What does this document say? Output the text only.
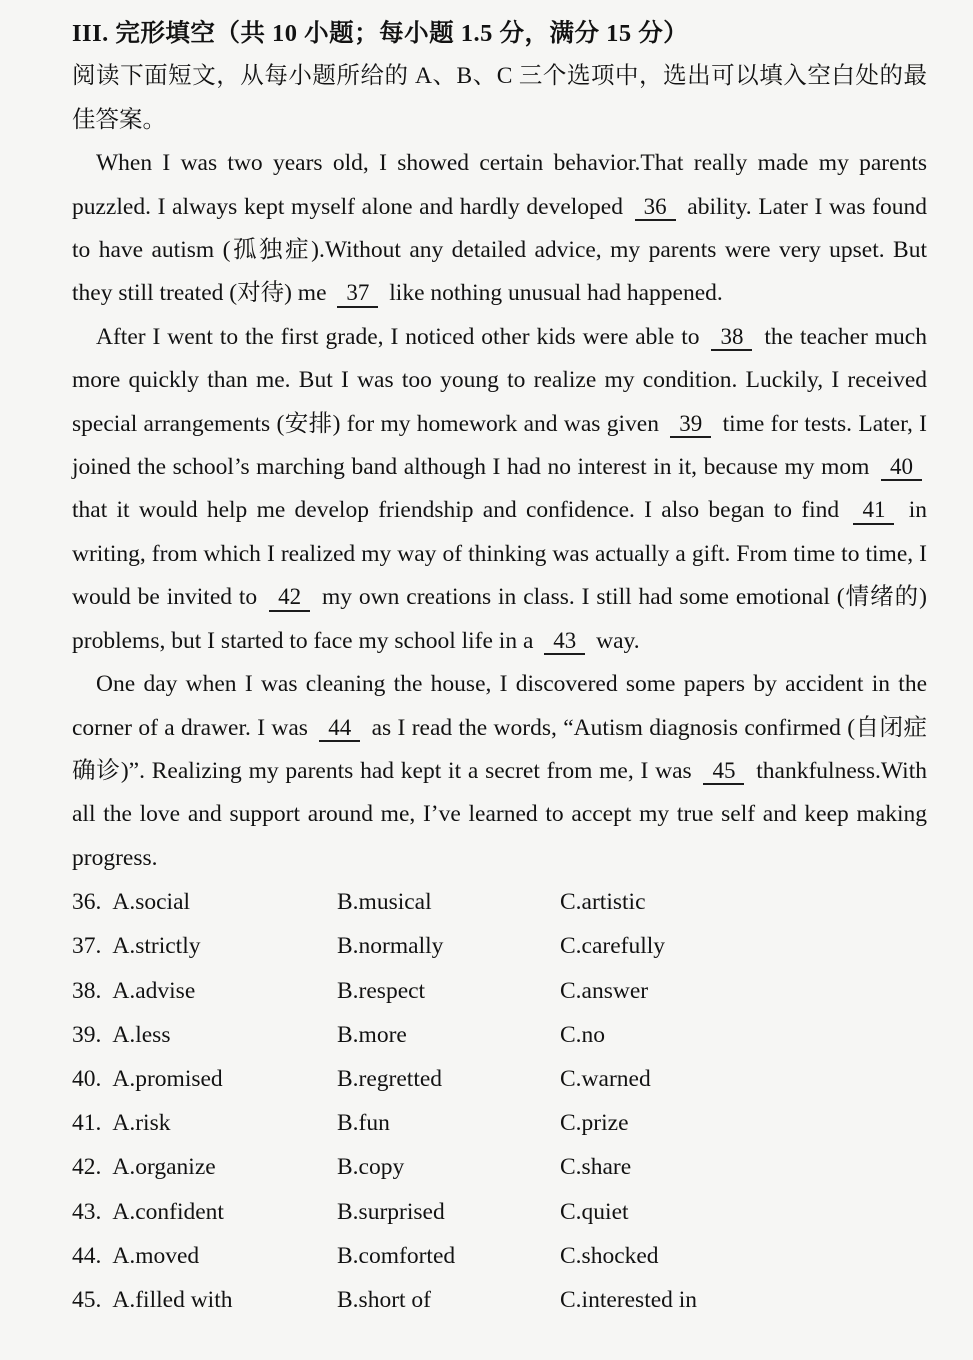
III. 完形填空（共 10 小题；每小题 1.5 分，满分 15 分）

阅读下面短文，从每小题所给的 A、B、C 三个选项中，选出可以填入空白处的最佳答案。

When I was two years old, I showed certain behavior.That really made my parents puzzled. I always kept myself alone and hardly developed 36 ability. Later I was found to have autism (孤独症).Without any detailed advice, my parents were very upset. But they still treated (对待) me 37 like nothing unusual had happened.

After I went to the first grade, I noticed other kids were able to 38 the teacher much more quickly than me. But I was too young to realize my condition. Luckily, I received special arrangements (安排) for my homework and was given 39 time for tests. Later, I joined the school’s marching band although I had no interest in it, because my mom 40 that it would help me develop friendship and confidence. I also began to find 41 in writing, from which I realized my way of thinking was actually a gift. From time to time, I would be invited to 42 my own creations in class. I still had some emotional (情绪的) problems, but I started to face my school life in a 43 way.

One day when I was cleaning the house, I discovered some papers by accident in the corner of a drawer. I was 44 as I read the words, “Autism diagnosis confirmed (自闭症确诊)”. Realizing my parents had kept it a secret from me, I was 45 thankfulness.With all the love and support around me, I’ve learned to accept my true self and keep making progress.

36. A.social	B.musical	C.artistic
37. A.strictly	B.normally	C.carefully
38. A.advise	B.respect	C.answer
39. A.less	B.more	C.no
40. A.promised	B.regretted	C.warned
41. A.risk	B.fun	C.prize
42. A.organize	B.copy	C.share
43. A.confident	B.surprised	C.quiet
44. A.moved	B.comforted	C.shocked
45. A.filled with	B.short of	C.interested in
